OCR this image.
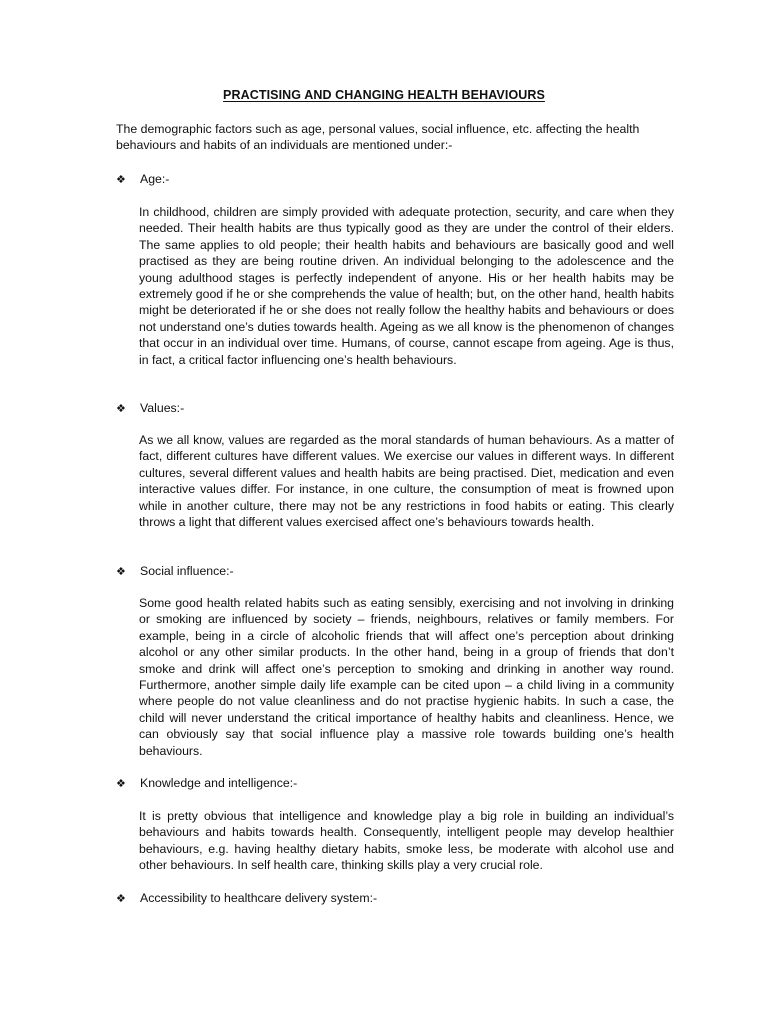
PRACTISING AND CHANGING HEALTH BEHAVIOURS
The demographic factors such as age, personal values, social influence, etc. affecting the health behaviours and habits of an individuals are mentioned under:-
❖ Age:-
In childhood, children are simply provided with adequate protection, security, and care when they needed. Their health habits are thus typically good as they are under the control of their elders. The same applies to old people; their health habits and behaviours are basically good and well practised as they are being routine driven. An individual belonging to the adolescence and the young adulthood stages is perfectly independent of anyone. His or her health habits may be extremely good if he or she comprehends the value of health; but, on the other hand, health habits might be deteriorated if he or she does not really follow the healthy habits and behaviours or does not understand one’s duties towards health. Ageing as we all know is the phenomenon of changes that occur in an individual over time. Humans, of course, cannot escape from ageing. Age is thus, in fact, a critical factor influencing one’s health behaviours.
❖ Values:-
As we all know, values are regarded as the moral standards of human behaviours. As a matter of fact, different cultures have different values. We exercise our values in different ways. In different cultures, several different values and health habits are being practised. Diet, medication and even interactive values differ. For instance, in one culture, the consumption of meat is frowned upon while in another culture, there may not be any restrictions in food habits or eating. This clearly throws a light that different values exercised affect one’s behaviours towards health.
❖ Social influence:-
Some good health related habits such as eating sensibly, exercising and not involving in drinking or smoking are influenced by society – friends, neighbours, relatives or family members. For example, being in a circle of alcoholic friends that will affect one’s perception about drinking alcohol or any other similar products. In the other hand, being in a group of friends that don’t smoke and drink will affect one’s perception to smoking and drinking in another way round. Furthermore, another simple daily life example can be cited upon – a child living in a community where people do not value cleanliness and do not practise hygienic habits. In such a case, the child will never understand the critical importance of healthy habits and cleanliness. Hence, we can obviously say that social influence play a massive role towards building one’s health behaviours.
❖ Knowledge and intelligence:-
It is pretty obvious that intelligence and knowledge play a big role in building an individual’s behaviours and habits towards health. Consequently, intelligent people may develop healthier behaviours, e.g. having healthy dietary habits, smoke less, be moderate with alcohol use and other behaviours. In self health care, thinking skills play a very crucial role.
❖ Accessibility to healthcare delivery system:-
